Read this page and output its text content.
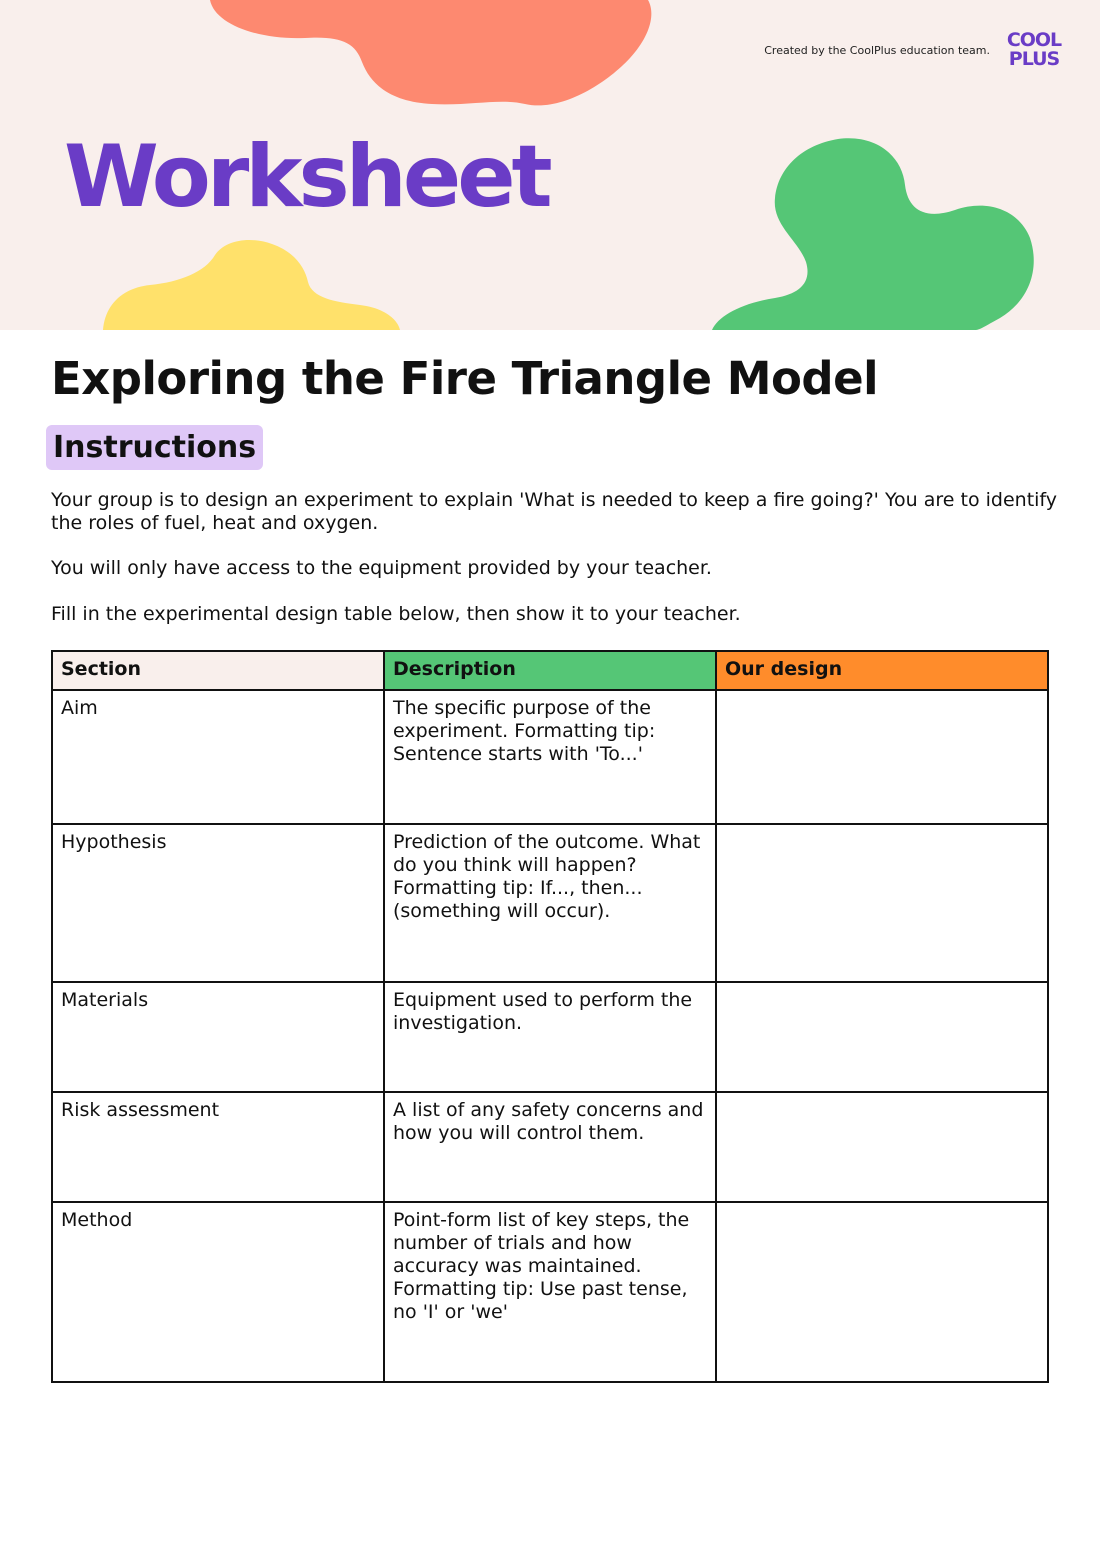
Created by the CoolPlus education team. COOL
PLUS
Worksheet
Exploring the Fire Triangle Model
Instructions

Your group is to design an experiment to explain 'What is needed to keep a fire going?' You are to identify the roles of fuel, heat and oxygen.

You will only have access to the equipment provided by your teacher.

Fill in the experimental design table below, then show it to your teacher.

Section	Description	Our design
Aim	The specific purpose of the experiment. Formatting tip: Sentence starts with 'To...'	
Hypothesis	Prediction of the outcome. What do you think will happen? Formatting tip: If..., then... (something will occur).	
Materials	Equipment used to perform the investigation.	
Risk assessment	A list of any safety concerns and how you will control them.	
Method	Point-form list of key steps, the number of trials and how accuracy was maintained. Formatting tip: Use past tense, no 'I' or 'we'	
